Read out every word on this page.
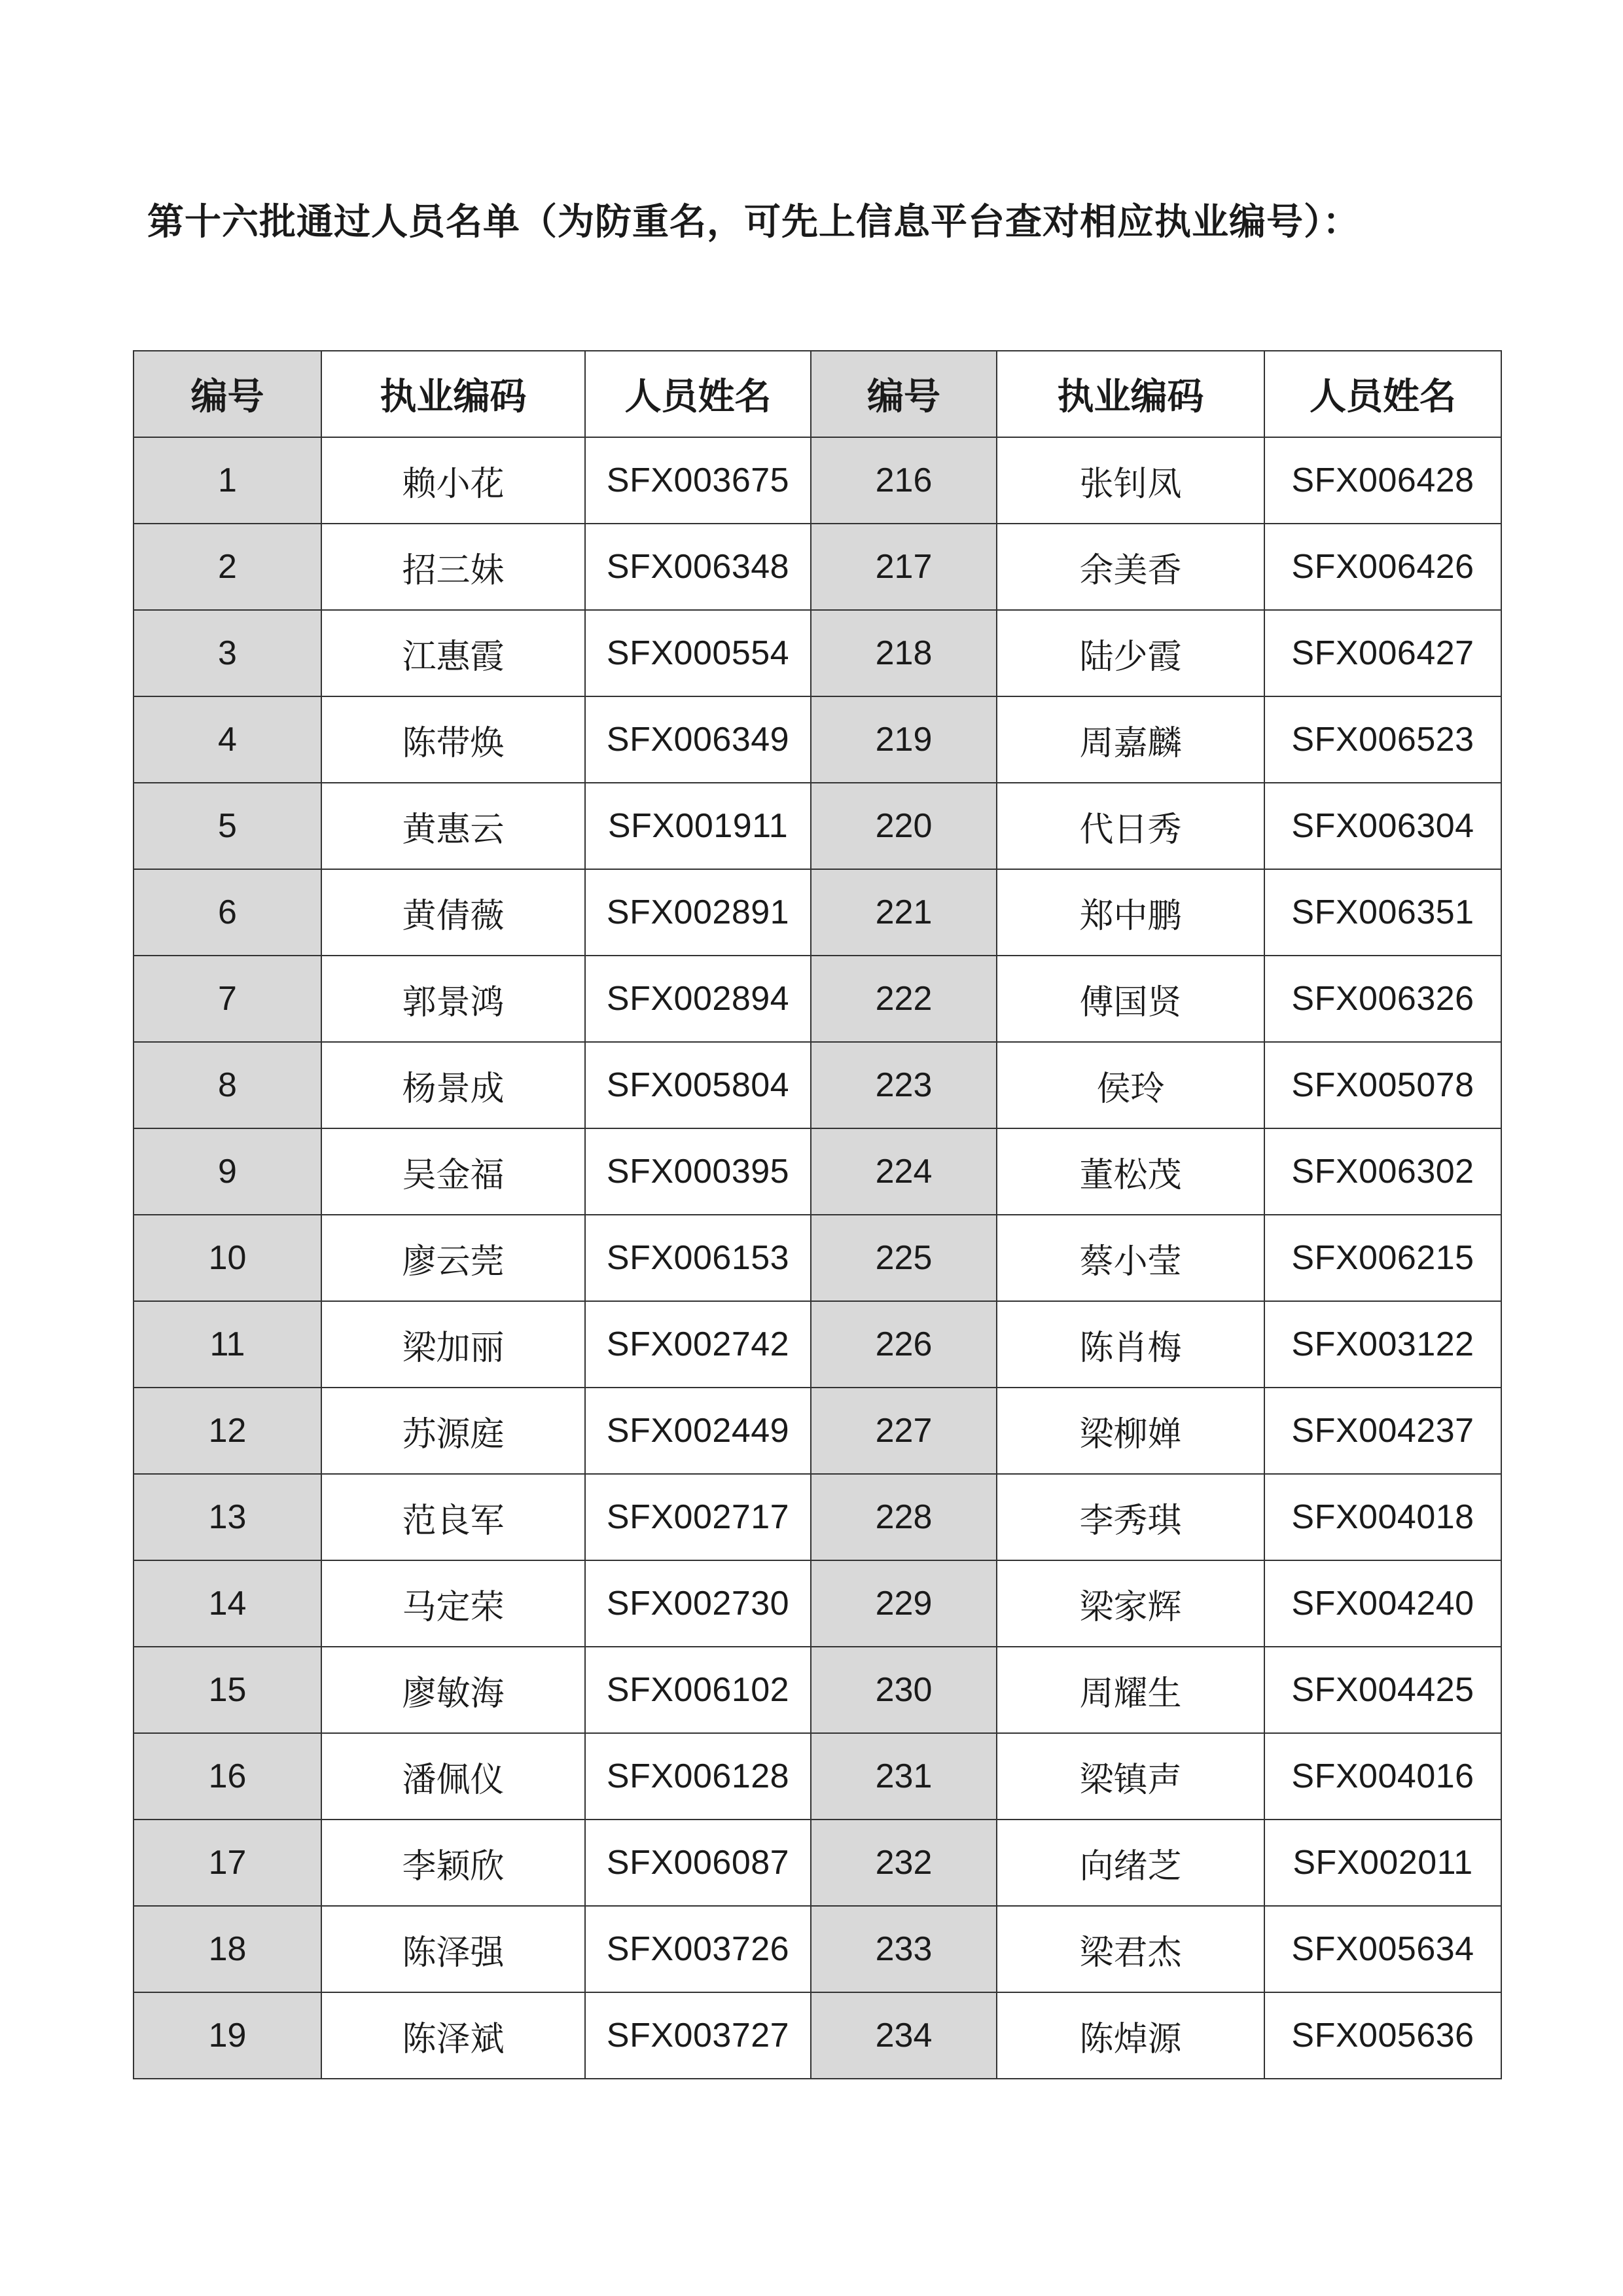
第十六批通过人员名单（为防重名，可先上信息平台查对相应执业编号）：
编号	执业编码	人员姓名	编号	执业编码	人员姓名
1	赖小花	SFX003675	216	张钊凤	SFX006428
2	招三妹	SFX006348	217	余美香	SFX006426
3	江惠霞	SFX000554	218	陆少霞	SFX006427
4	陈带焕	SFX006349	219	周嘉麟	SFX006523
5	黄惠云	SFX001911	220	代日秀	SFX006304
6	黄倩薇	SFX002891	221	郑中鹏	SFX006351
7	郭景鸿	SFX002894	222	傅国贤	SFX006326
8	杨景成	SFX005804	223	侯玲	SFX005078
9	吴金福	SFX000395	224	董松茂	SFX006302
10	廖云莞	SFX006153	225	蔡小莹	SFX006215
11	梁加丽	SFX002742	226	陈肖梅	SFX003122
12	苏源庭	SFX002449	227	梁柳婵	SFX004237
13	范良军	SFX002717	228	李秀琪	SFX004018
14	马定荣	SFX002730	229	梁家辉	SFX004240
15	廖敏海	SFX006102	230	周耀生	SFX004425
16	潘佩仪	SFX006128	231	梁镇声	SFX004016
17	李颖欣	SFX006087	232	向绪芝	SFX002011
18	陈泽强	SFX003726	233	梁君杰	SFX005634
19	陈泽斌	SFX003727	234	陈焯源	SFX005636
